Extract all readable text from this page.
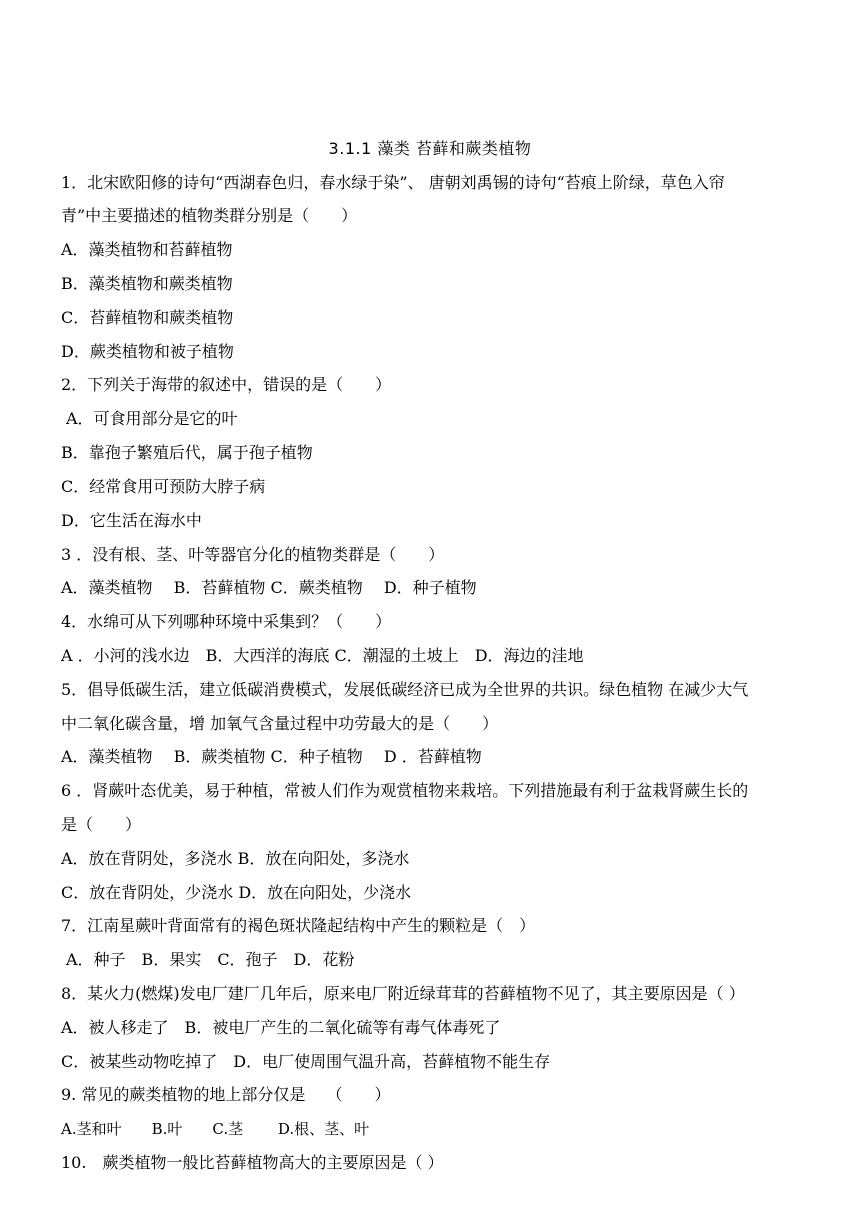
3.1.1 藻类 苔藓和蕨类植物
1．北宋欧阳修的诗句“西湖春色归，春水绿于染”、 唐朝刘禹锡的诗句“苔痕上阶绿，草色入帘
青”中主要描述的植物类群分别是（　　）
A．藻类植物和苔藓植物
B．藻类植物和蕨类植物
C．苔藓植物和蕨类植物
D．蕨类植物和被子植物
2．下列关于海带的叙述中，错误的是（　　）
A．可食用部分是它的叶
B．靠孢子繁殖后代，属于孢子植物
C．经常食用可预防大脖子病
D．它生活在海水中
3 ．没有根、茎、叶等器官分化的植物类群是（　　）
A．藻类植物　 B．苔藓植物 C．蕨类植物　 D．种子植物
4．水绵可从下列哪种环境中采集到？（　　）
A ．小河的浅水边　B．大西洋的海底 C．潮湿的土坡上　D．海边的洼地
5．倡导低碳生活，建立低碳消费模式，发展低碳经济已成为全世界的共识。绿色植物 在减少大气
中二氧化碳含量，增 加氧气含量过程中功劳最大的是（　　）
A．藻类植物　 B．蕨类植物 C．种子植物　 D ．苔藓植物
6 ．肾蕨叶态优美，易于种植，常被人们作为观赏植物来栽培。下列措施最有利于盆栽肾蕨生长的
是（　　）
A．放在背阴处，多浇水 B．放在向阳处，多浇水
C．放在背阴处，少浇水 D．放在向阳处，少浇水
7．江南星蕨叶背面常有的褐色斑状隆起结构中产生的颗粒是（　）
A．种子　B．果实　C．孢子　D．花粉
8．某火力(燃煤)发电厂建厂几年后，原来电厂附近绿茸茸的苔藓植物不见了，其主要原因是（ ）
A．被人移走了　B．被电厂产生的二氧化硫等有毒气体毒死了
C．被某些动物吃掉了　D．电厂使周围气温升高，苔藓植物不能生存
9. 常见的蕨类植物的地上部分仅是　 （　　）
A.茎和叶　　B.叶　　C.茎　　 D.根、茎、叶
10.　蕨类植物一般比苔藓植物高大的主要原因是（ ）
